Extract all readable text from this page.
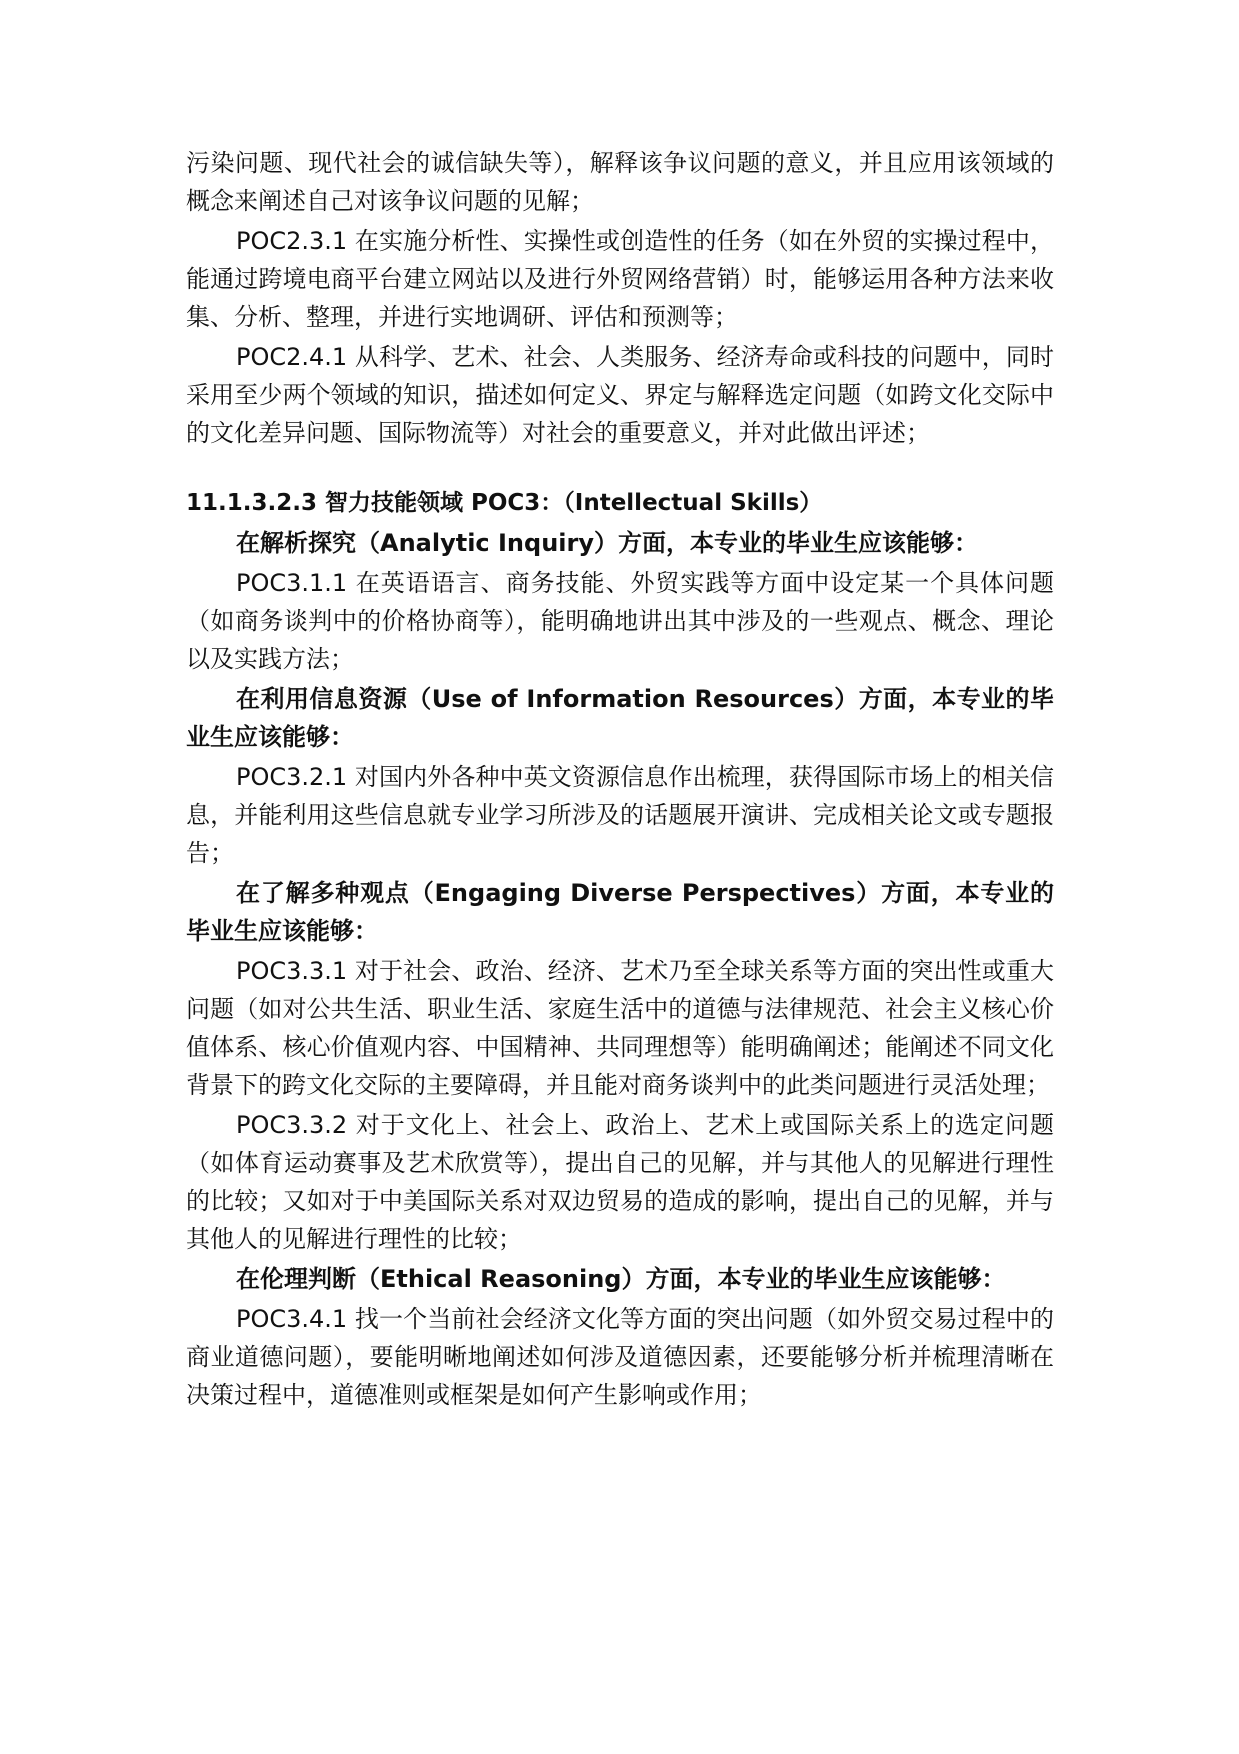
污染问题、现代社会的诚信缺失等），解释该争议问题的意义，并且应用该领域的概念来阐述自己对该争议问题的见解；

POC2.3.1 在实施分析性、实操性或创造性的任务（如在外贸的实操过程中，能通过跨境电商平台建立网站以及进行外贸网络营销）时，能够运用各种方法来收集、分析、整理，并进行实地调研、评估和预测等；

POC2.4.1 从科学、艺术、社会、人类服务、经济寿命或科技的问题中，同时采用至少两个领域的知识，描述如何定义、界定与解释选定问题（如跨文化交际中的文化差异问题、国际物流等）对社会的重要意义，并对此做出评述；

11.1.3.2.3 智力技能领域 POC3：（Intellectual Skills）
在解析探究（Analytic Inquiry）方面，本专业的毕业生应该能够：

POC3.1.1 在英语语言、商务技能、外贸实践等方面中设定某一个具体问题（如商务谈判中的价格协商等），能明确地讲出其中涉及的一些观点、概念、理论以及实践方法；

在利用信息资源（Use of Information Resources）方面，本专业的毕业生应该能够：

POC3.2.1 对国内外各种中英文资源信息作出梳理，获得国际市场上的相关信息，并能利用这些信息就专业学习所涉及的话题展开演讲、完成相关论文或专题报告；

在了解多种观点（Engaging Diverse Perspectives）方面，本专业的毕业生应该能够：

POC3.3.1 对于社会、政治、经济、艺术乃至全球关系等方面的突出性或重大问题（如对公共生活、职业生活、家庭生活中的道德与法律规范、社会主义核心价值体系、核心价值观内容、中国精神、共同理想等）能明确阐述；能阐述不同文化背景下的跨文化交际的主要障碍，并且能对商务谈判中的此类问题进行灵活处理；

POC3.3.2 对于文化上、社会上、政治上、艺术上或国际关系上的选定问题（如体育运动赛事及艺术欣赏等），提出自己的见解，并与其他人的见解进行理性的比较；又如对于中美国际关系对双边贸易的造成的影响，提出自己的见解，并与其他人的见解进行理性的比较；

在伦理判断（Ethical Reasoning）方面，本专业的毕业生应该能够：

POC3.4.1 找一个当前社会经济文化等方面的突出问题（如外贸交易过程中的商业道德问题），要能明晰地阐述如何涉及道德因素，还要能够分析并梳理清晰在决策过程中，道德准则或框架是如何产生影响或作用；
